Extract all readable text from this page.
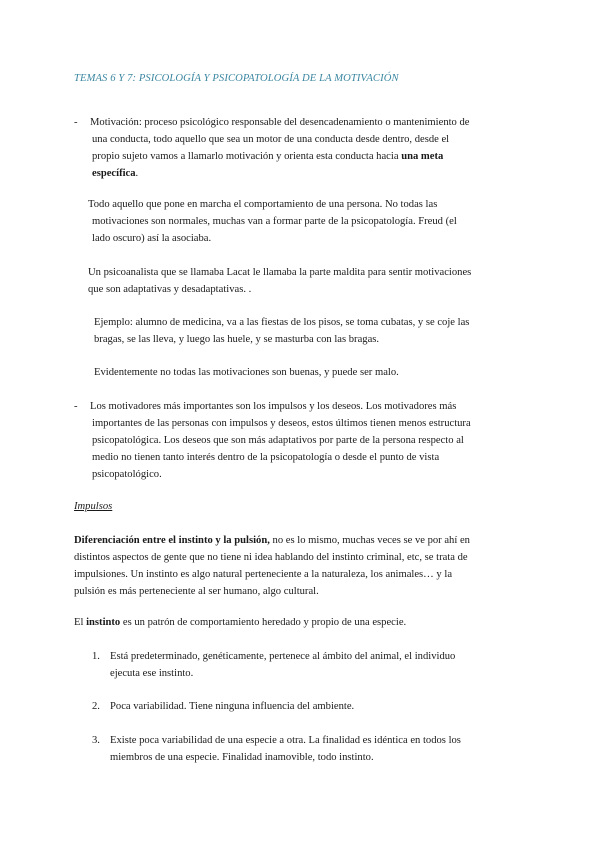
TEMAS 6 Y 7: PSICOLOGÍA Y PSICOPATOLOGÍA DE LA MOTIVACIÓN
- Motivación: proceso psicológico responsable del desencadenamiento o mantenimiento de
una conducta, todo aquello que sea un motor de una conducta desde dentro, desde el
propio sujeto vamos a llamarlo motivación y orienta esta conducta hacia una meta
específica.
Todo aquello que pone en marcha el comportamiento de una persona. No todas las
motivaciones son normales, muchas van a formar parte de la psicopatología. Freud (el
lado oscuro) así la asociaba.
Un psicoanalista que se llamaba Lacat le llamaba la parte maldita para sentir motivaciones
que son adaptativas y desadaptativas. .
Ejemplo: alumno de medicina, va a las fiestas de los pisos, se toma cubatas, y se coje las
bragas, se las lleva, y luego las huele, y se masturba con las bragas.
Evidentemente no todas las motivaciones son buenas, y puede ser malo.
- Los motivadores más importantes son los impulsos y los deseos. Los motivadores más
importantes de las personas con impulsos y deseos, estos últimos tienen menos estructura
psicopatológica. Los deseos que son más adaptativos por parte de la persona respecto al
medio no tienen tanto interés dentro de la psicopatología o desde el punto de vista
psicopatológico.
Impulsos
Diferenciación entre el instinto y la pulsión, no es lo mismo, muchas veces se ve por ahí en
distintos aspectos de gente que no tiene ni idea hablando del instinto criminal, etc, se trata de
impulsiones. Un instinto es algo natural perteneciente a la naturaleza, los animales… y la
pulsión es más perteneciente al ser humano, algo cultural.
El instinto es un patrón de comportamiento heredado y propio de una especie.
1. Está predeterminado, genéticamente, pertenece al ámbito del animal, el individuo
ejecuta ese instinto.
2. Poca variabilidad. Tiene ninguna influencia del ambiente.
3. Existe poca variabilidad de una especie a otra. La finalidad es idéntica en todos los
miembros de una especie. Finalidad inamovible, todo instinto.
